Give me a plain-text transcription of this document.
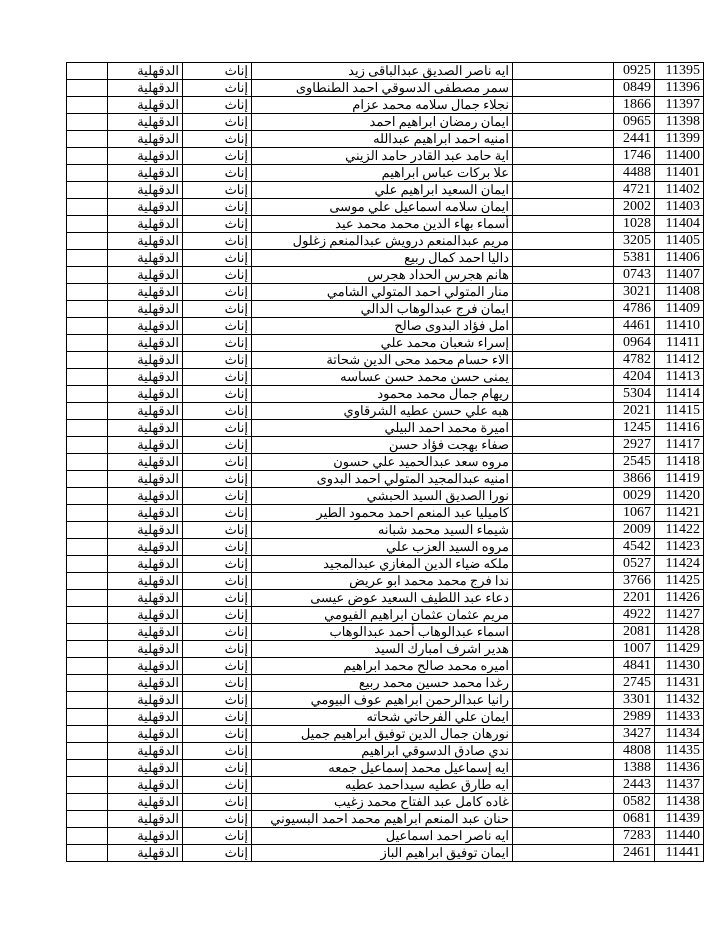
	الدقهلية	إناث	ايه ناصر الصديق عبدالباقى زيد		0925	11395
	الدقهلية	إناث	سمر مصطفى الدسوقي احمد الطنطاوى		0849	11396
	الدقهلية	إناث	نجلاء جمال سلامه محمد عزام		1866	11397
	الدقهلية	إناث	ايمان رمضان ابراهيم احمد		0965	11398
	الدقهلية	إناث	امنيه احمد ابراهيم عبدالله		2441	11399
	الدقهلية	إناث	اية حامد عبد القادر حامد الزيني		1746	11400
	الدقهلية	إناث	علا بركات عباس ابراهيم		4488	11401
	الدقهلية	إناث	ايمان السعيد ابراهيم علي		4721	11402
	الدقهلية	إناث	ايمان سلامه اسماعيل علي موسى		2002	11403
	الدقهلية	إناث	أسماء بهاء الدين محمد محمد عيد		1028	11404
	الدقهلية	إناث	مريم عبدالمنعم درويش عبدالمنعم زغلول		3205	11405
	الدقهلية	إناث	داليا احمد كمال ربيع		5381	11406
	الدقهلية	إناث	هانم هجرس الحداد هجرس		0743	11407
	الدقهلية	إناث	منار المتولي احمد المتولي الشامي		3021	11408
	الدقهلية	إناث	ايمان فرج عبدالوهاب الدالي		4786	11409
	الدقهلية	إناث	امل فؤاد البدوى صالح		4461	11410
	الدقهلية	إناث	إسراء شعبان محمد علي		0964	11411
	الدقهلية	إناث	الاء حسام محمد محى الدين شحاتة		4782	11412
	الدقهلية	إناث	يمنى حسن محمد حسن عساسه		4204	11413
	الدقهلية	إناث	ريهام جمال محمد محمود		5304	11414
	الدقهلية	إناث	هبه علي حسن عطيه الشرقاوي		2021	11415
	الدقهلية	إناث	اميرة محمد احمد البيلي		1245	11416
	الدقهلية	إناث	صفاء بهجت فؤاد حسن		2927	11417
	الدقهلية	إناث	مروه سعد عبدالحميد علي حسون		2545	11418
	الدقهلية	إناث	امنيه عبدالمجيد المتولي احمد البدوى		3866	11419
	الدقهلية	إناث	نورا الصديق السيد الحبشي		0029	11420
	الدقهلية	إناث	كاميليا عبد المنعم احمد محمود الطير		1067	11421
	الدقهلية	إناث	شيماء السيد محمد شبانه		2009	11422
	الدقهلية	إناث	مروه السيد العزب علي		4542	11423
	الدقهلية	إناث	ملكه ضياء الدين المغازي عبدالمجيد		0527	11424
	الدقهلية	إناث	ندا فرج محمد محمد ابو عريض		3766	11425
	الدقهلية	إناث	دعاء عبد اللطيف السعيد عوض عيسى		2201	11426
	الدقهلية	إناث	مريم عثمان عثمان ابراهيم الفيومي		4922	11427
	الدقهلية	إناث	اسماء عبدالوهاب أحمد عبدالوهاب		2081	11428
	الدقهلية	إناث	هدير اشرف امبارك السيد		1007	11429
	الدقهلية	إناث	اميره محمد صالح محمد ابراهيم		4841	11430
	الدقهلية	إناث	رغدا محمد حسين محمد ربيع		2745	11431
	الدقهلية	إناث	رانيا عبدالرحمن ابراهيم عوف البيومي		3301	11432
	الدقهلية	إناث	ايمان علي الفرحاتي شحاته		2989	11433
	الدقهلية	إناث	نورهان جمال الدين توفيق ابراهيم جميل		3427	11434
	الدقهلية	إناث	ندي صادق الدسوقي ابراهيم		4808	11435
	الدقهلية	إناث	ايه إسماعيل محمد إسماعيل جمعه		1388	11436
	الدقهلية	إناث	ايه طارق عطيه سيداحمد عطيه		2443	11437
	الدقهلية	إناث	غاده كامل عبد الفتاح محمد زغيب		0582	11438
	الدقهلية	إناث	حنان عبد المنعم ابراهيم محمد احمد البسيوني		0681	11439
	الدقهلية	إناث	ايه ناصر احمد اسماعيل		7283	11440
	الدقهلية	إناث	ايمان توفيق ابراهيم الباز		2461	11441
